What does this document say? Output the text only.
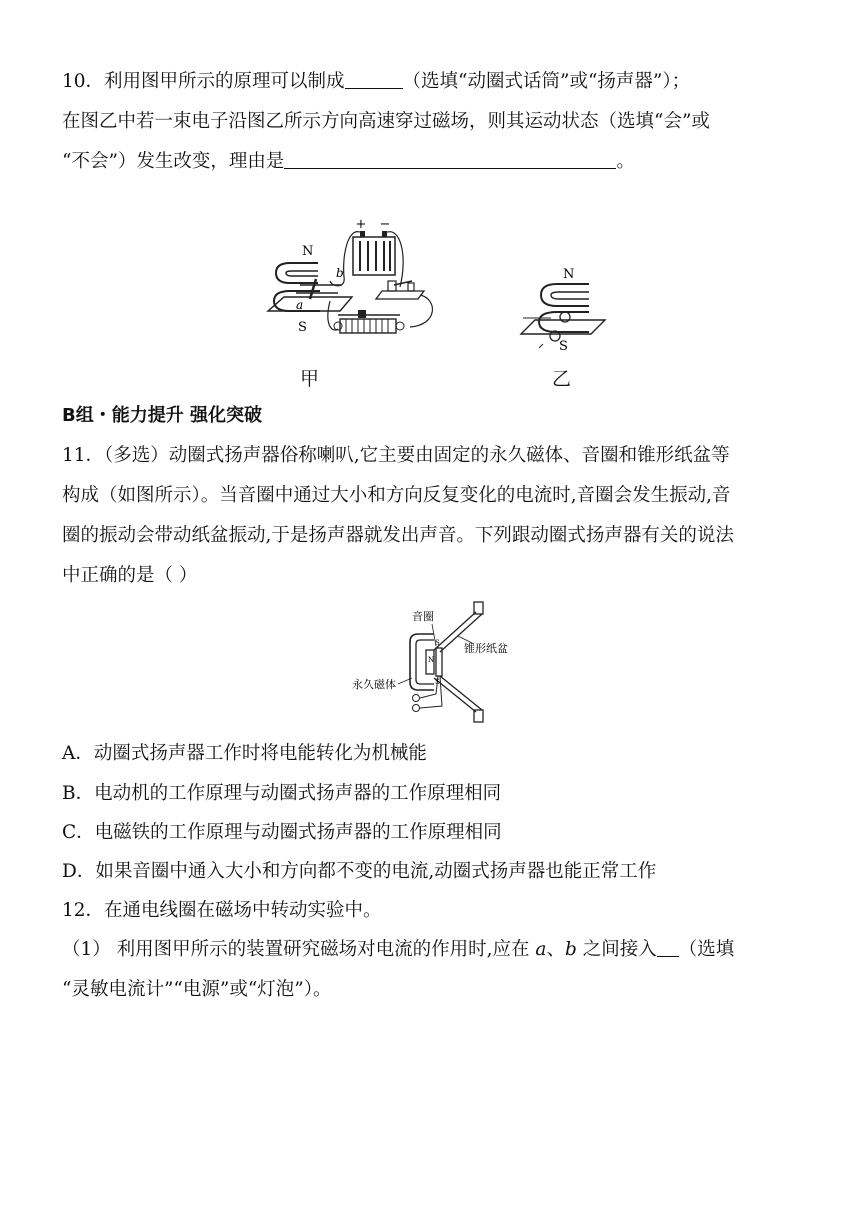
10．利用图甲所示的原理可以制成	（选填“动圈式话筒”或“扬声器”）；
在图乙中若一束电子沿图乙所示方向高速穿过磁场，则其运动状态（选填“会”或
“不会”）发生改变，理由是	。
+ −
N
S
b
a
甲
N
S
乙
B组・能力提升 强化突破
11．（多选）动圈式扬声器俗称喇叭,它主要由固定的永久磁体、音圈和锥形纸盆等
构成（如图所示）。当音圈中通过大小和方向反复变化的电流时,音圈会发生振动,音
圈的振动会带动纸盆振动,于是扬声器就发出声音。下列跟动圈式扬声器有关的说法
中正确的是（ ）
音圈
锥形纸盆
永久磁体
N
S
S
A．动圈式扬声器工作时将电能转化为机械能
B．电动机的工作原理与动圈式扬声器的工作原理相同
C．电磁铁的工作原理与动圈式扬声器的工作原理相同
D．如果音圈中通入大小和方向都不变的电流,动圈式扬声器也能正常工作
12．在通电线圈在磁场中转动实验中。
（1） 利用图甲所示的装置研究磁场对电流的作用时,应在 a、b 之间接入 （选填
“灵敏电流计”“电源”或“灯泡”）。
